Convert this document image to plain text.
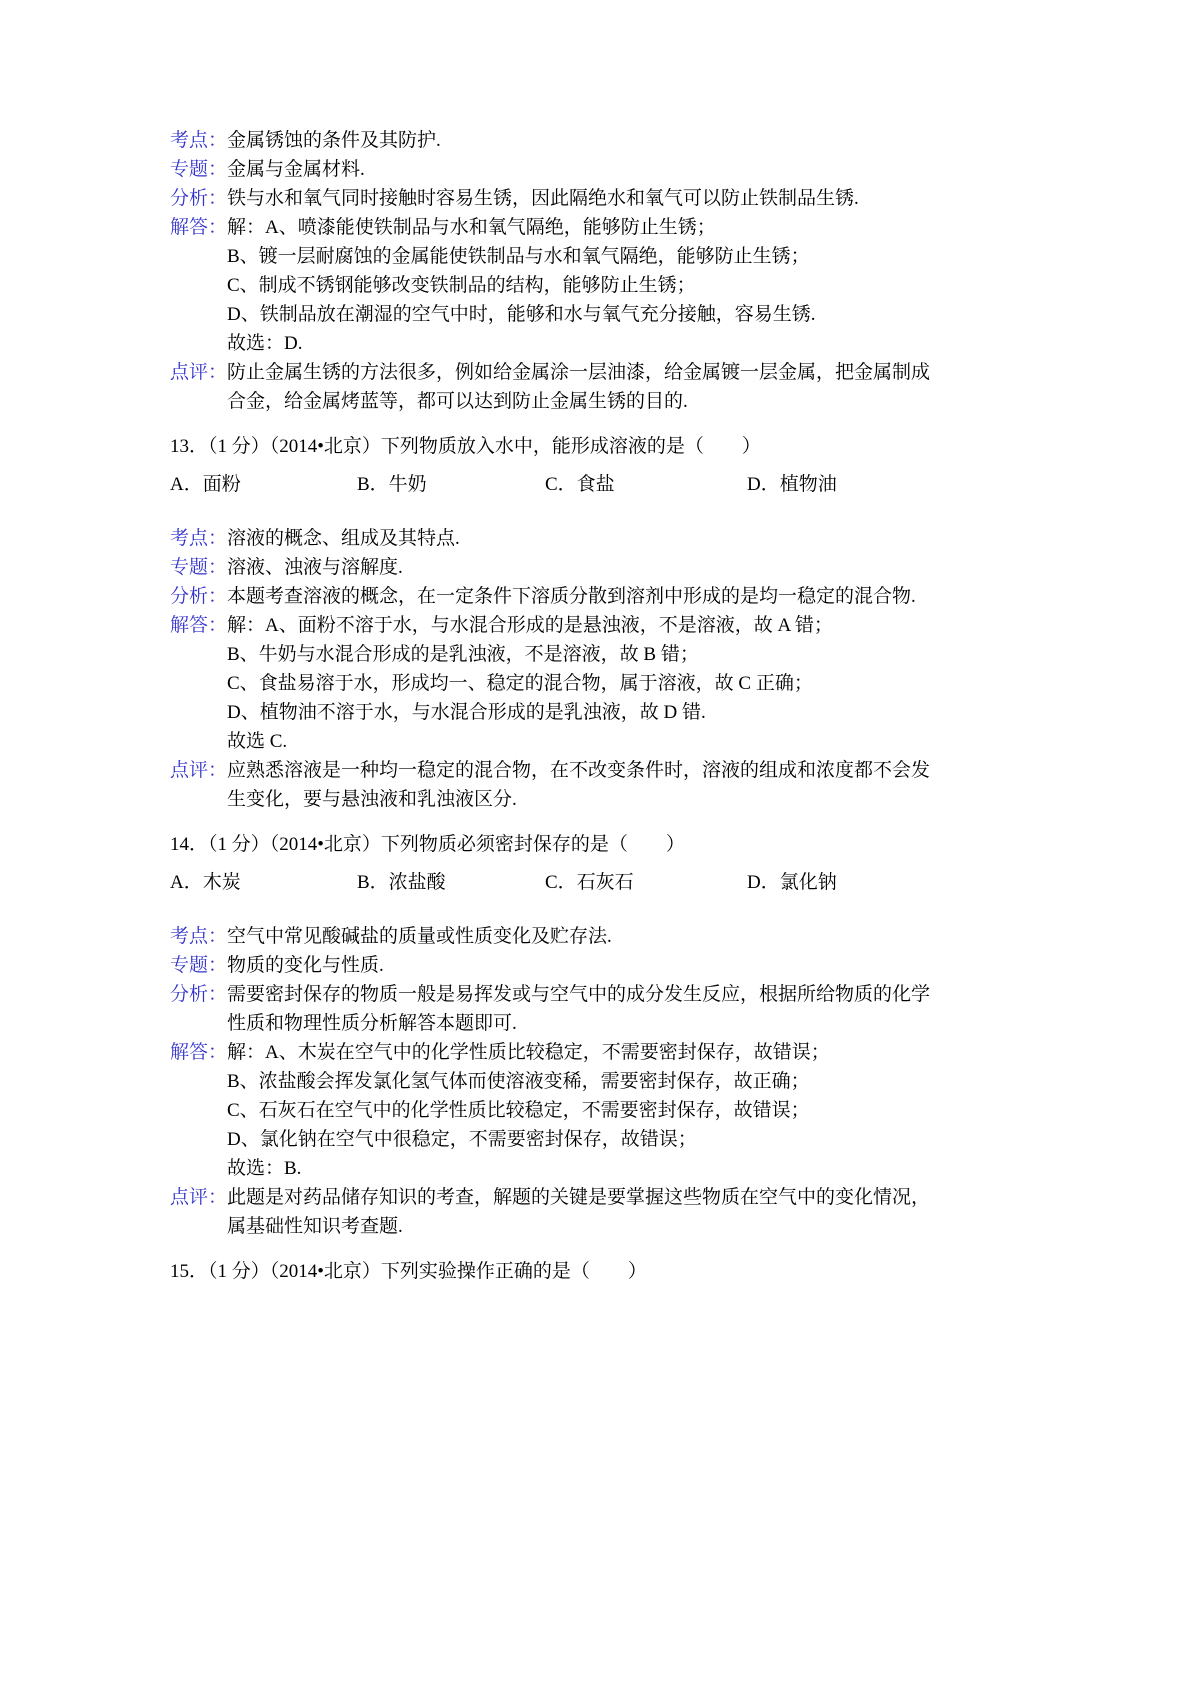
考点：金属锈蚀的条件及其防护.
专题：金属与金属材料.
分析：铁与水和氧气同时接触时容易生锈，因此隔绝水和氧气可以防止铁制品生锈.
解答：解：A、喷漆能使铁制品与水和氧气隔绝，能够防止生锈；
B、镀一层耐腐蚀的金属能使铁制品与水和氧气隔绝，能够防止生锈；
C、制成不锈钢能够改变铁制品的结构，能够防止生锈；
D、铁制品放在潮湿的空气中时，能够和水与氧气充分接触，容易生锈.
故选：D.
点评：防止金属生锈的方法很多，例如给金属涂一层油漆，给金属镀一层金属，把金属制成
合金，给金属烤蓝等，都可以达到防止金属生锈的目的.
13．（1 分）（2014•北京）下列物质放入水中，能形成溶液的是（　　）
A．面粉	B．牛奶	C．食盐	D．植物油
考点：溶液的概念、组成及其特点.
专题：溶液、浊液与溶解度.
分析：本题考查溶液的概念，在一定条件下溶质分散到溶剂中形成的是均一稳定的混合物.
解答：解：A、面粉不溶于水，与水混合形成的是悬浊液，不是溶液，故 A 错；
B、牛奶与水混合形成的是乳浊液，不是溶液，故 B 错；
C、食盐易溶于水，形成均一、稳定的混合物，属于溶液，故 C 正确；
D、植物油不溶于水，与水混合形成的是乳浊液，故 D 错.
故选 C.
点评：应熟悉溶液是一种均一稳定的混合物，在不改变条件时，溶液的组成和浓度都不会发
生变化，要与悬浊液和乳浊液区分.
14．（1 分）（2014•北京）下列物质必须密封保存的是（　　）
A．木炭	B．浓盐酸	C．石灰石	D．氯化钠
考点：空气中常见酸碱盐的质量或性质变化及贮存法.
专题：物质的变化与性质.
分析：需要密封保存的物质一般是易挥发或与空气中的成分发生反应，根据所给物质的化学
性质和物理性质分析解答本题即可.
解答：解：A、木炭在空气中的化学性质比较稳定，不需要密封保存，故错误；
B、浓盐酸会挥发氯化氢气体而使溶液变稀，需要密封保存，故正确；
C、石灰石在空气中的化学性质比较稳定，不需要密封保存，故错误；
D、氯化钠在空气中很稳定，不需要密封保存，故错误；
故选：B.
点评：此题是对药品储存知识的考查，解题的关键是要掌握这些物质在空气中的变化情况，
属基础性知识考查题.
15．（1 分）（2014•北京）下列实验操作正确的是（　　）
